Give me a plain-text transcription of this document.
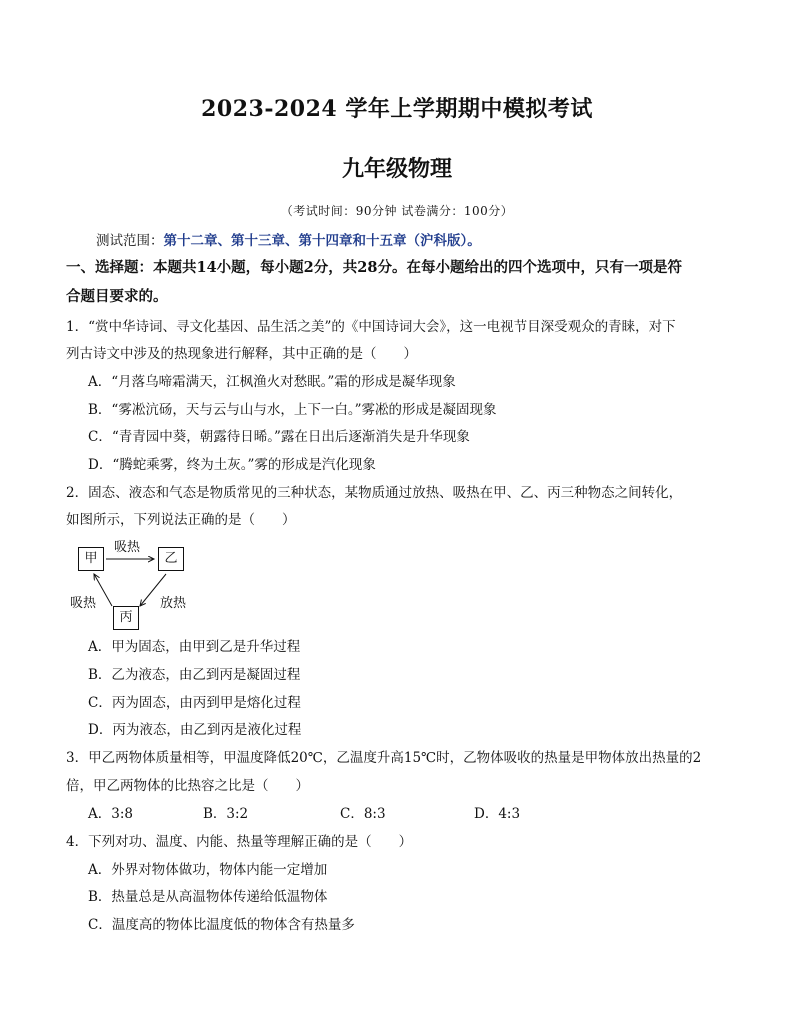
2023-2024 学年上学期期中模拟考试
九年级物理
（考试时间：90分钟 试卷满分：100分）
测试范围：第十二章、第十三章、第十四章和十五章（沪科版）。
一、选择题：本题共14小题，每小题2分，共28分。在每小题给出的四个选项中，只有一项是符
合题目要求的。
1．“赏中华诗词、寻文化基因、品生活之美”的《中国诗词大会》，这一电视节目深受观众的青睐，对下
列古诗文中涉及的热现象进行解释，其中正确的是（　　）
A．“月落乌啼霜满天，江枫渔火对愁眠。”霜的形成是凝华现象
B．“雾凇沆砀，天与云与山与水，上下一白。”雾凇的形成是凝固现象
C．“青青园中葵，朝露待日晞。”露在日出后逐渐消失是升华现象
D．“腾蛇乘雾，终为土灰。”雾的形成是汽化现象
2．固态、液态和气态是物质常见的三种状态，某物质通过放热、吸热在甲、乙、丙三种物态之间转化，
如图所示，下列说法正确的是（　　）
甲	乙
丙
吸热
吸热	放热
A．甲为固态，由甲到乙是升华过程
B．乙为液态，由乙到丙是凝固过程
C．丙为固态，由丙到甲是熔化过程
D．丙为液态，由乙到丙是液化过程
3．甲乙两物体质量相等，甲温度降低20℃，乙温度升高15℃时，乙物体吸收的热量是甲物体放出热量的2
倍，甲乙两物体的比热容之比是（　　）
A．3:8	B．3:2	C．8:3	D．4:3
4．下列对功、温度、内能、热量等理解正确的是（　　）
A．外界对物体做功，物体内能一定增加
B．热量总是从高温物体传递给低温物体
C．温度高的物体比温度低的物体含有热量多
